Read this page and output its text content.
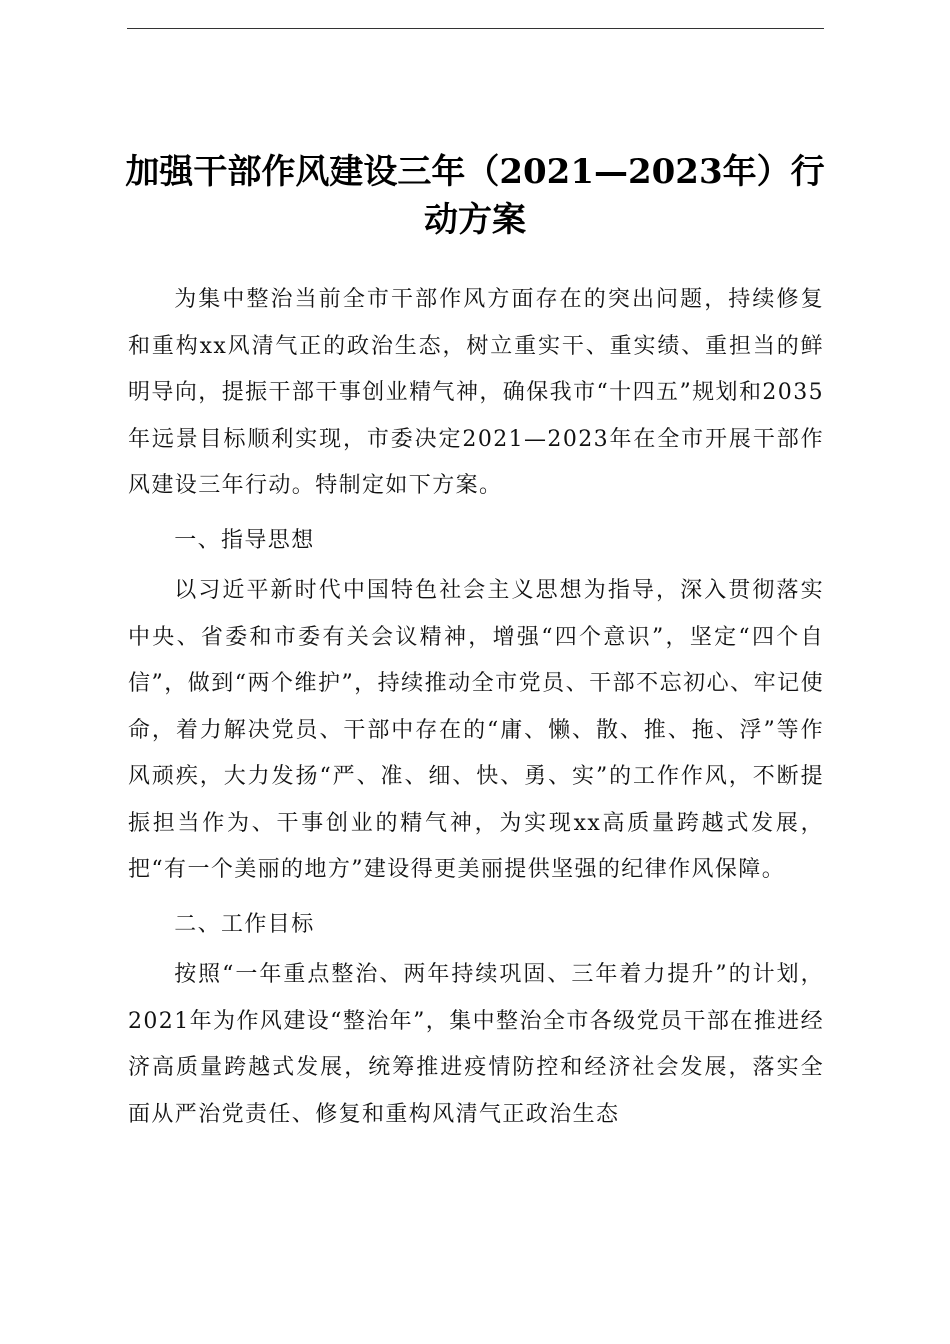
加强干部作风建设三年（2021—2023年）行动方案

为集中整治当前全市干部作风方面存在的突出问题，持续修复和重构xx风清气正的政治生态，树立重实干、重实绩、重担当的鲜明导向，提振干部干事创业精气神，确保我市“十四五”规划和2035年远景目标顺利实现，市委决定2021—2023年在全市开展干部作风建设三年行动。特制定如下方案。

一、指导思想

以习近平新时代中国特色社会主义思想为指导，深入贯彻落实中央、省委和市委有关会议精神，增强“四个意识”，坚定“四个自信”，做到“两个维护”，持续推动全市党员、干部不忘初心、牢记使命，着力解决党员、干部中存在的“庸、懒、散、推、拖、浮”等作风顽疾，大力发扬“严、准、细、快、勇、实”的工作作风，不断提振担当作为、干事创业的精气神，为实现xx高质量跨越式发展，把“有一个美丽的地方”建设得更美丽提供坚强的纪律作风保障。

二、工作目标

按照“一年重点整治、两年持续巩固、三年着力提升”的计划，2021年为作风建设“整治年”，集中整治全市各级党员干部在推进经济高质量跨越式发展，统筹推进疫情防控和经济社会发展，落实全面从严治党责任、修复和重构风清气正政治生态
